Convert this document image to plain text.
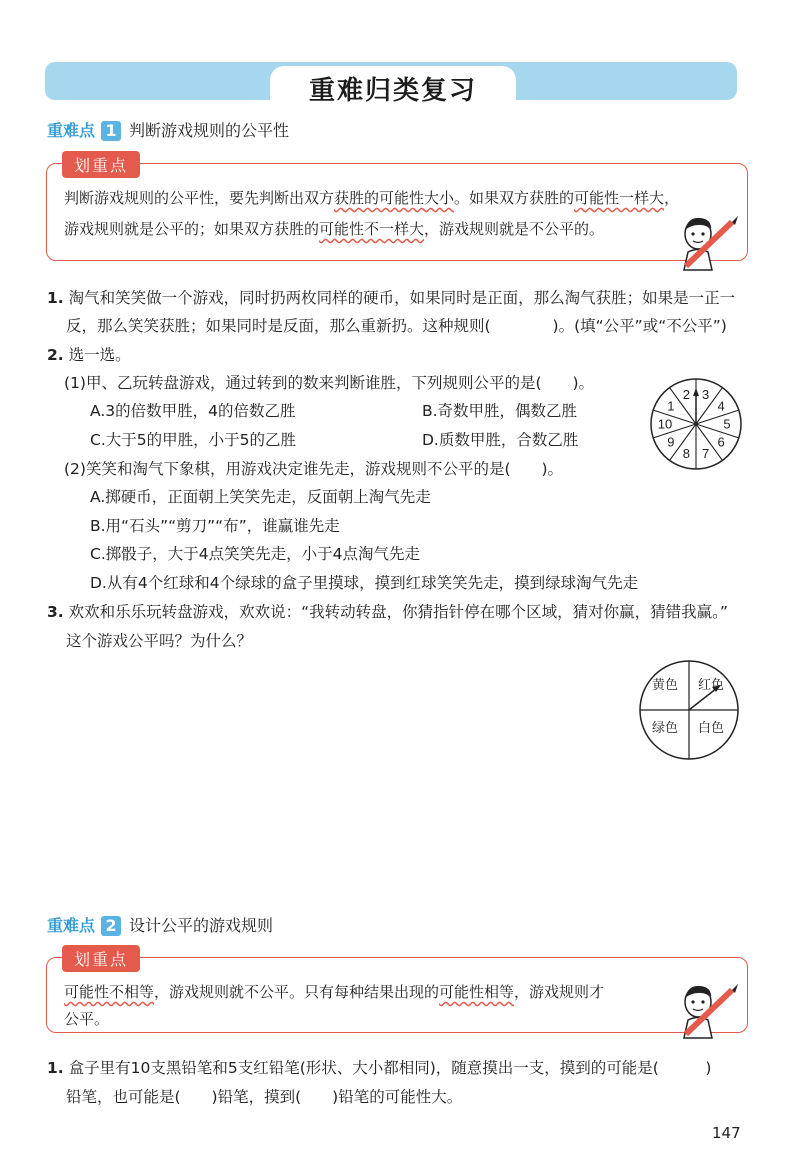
重难归类复习
重难点 1 判断游戏规则的公平性
划重点
判断游戏规则的公平性，要先判断出双方获胜的可能性大小。如果双方获胜的可能性一样大，
游戏规则就是公平的；如果双方获胜的可能性不一样大，游戏规则就是不公平的。
1. 淘气和笑笑做一个游戏，同时扔两枚同样的硬币，如果同时是正面，那么淘气获胜；如果是一正一
反，那么笑笑获胜；如果同时是反面，那么重新扔。这种规则(　　　　)。(填“公平”或“不公平”)
2. 选一选。
(1)甲、乙玩转盘游戏，通过转到的数来判断谁胜，下列规则公平的是(　　)。
A.3的倍数甲胜，4的倍数乙胜	B.奇数甲胜，偶数乙胜
C.大于5的甲胜，小于5的乙胜	D.质数甲胜，合数乙胜
(2)笑笑和淘气下象棋，用游戏决定谁先走，游戏规则不公平的是(　　)。
A.掷硬币，正面朝上笑笑先走，反面朝上淘气先走
B.用“石头”“剪刀”“布”，谁赢谁先走
C.掷骰子，大于4点笑笑先走，小于4点淘气先走
D.从有4个红球和4个绿球的盒子里摸球，摸到红球笑笑先走，摸到绿球淘气先走
3
4
5
6
7
8
9
10
1
2
3. 欢欢和乐乐玩转盘游戏，欢欢说：“我转动转盘，你猜指针停在哪个区域，猜对你赢，猜错我赢。”
这个游戏公平吗？为什么？
黄色 红色
绿色 白色
重难点 2 设计公平的游戏规则
划重点
可能性不相等，游戏规则就不公平。只有每种结果出现的可能性相等，游戏规则才
公平。
1. 盒子里有10支黑铅笔和5支红铅笔(形状、大小都相同)，随意摸出一支，摸到的可能是(　　　)
铅笔，也可能是(　　)铅笔，摸到(　　)铅笔的可能性大。
147
